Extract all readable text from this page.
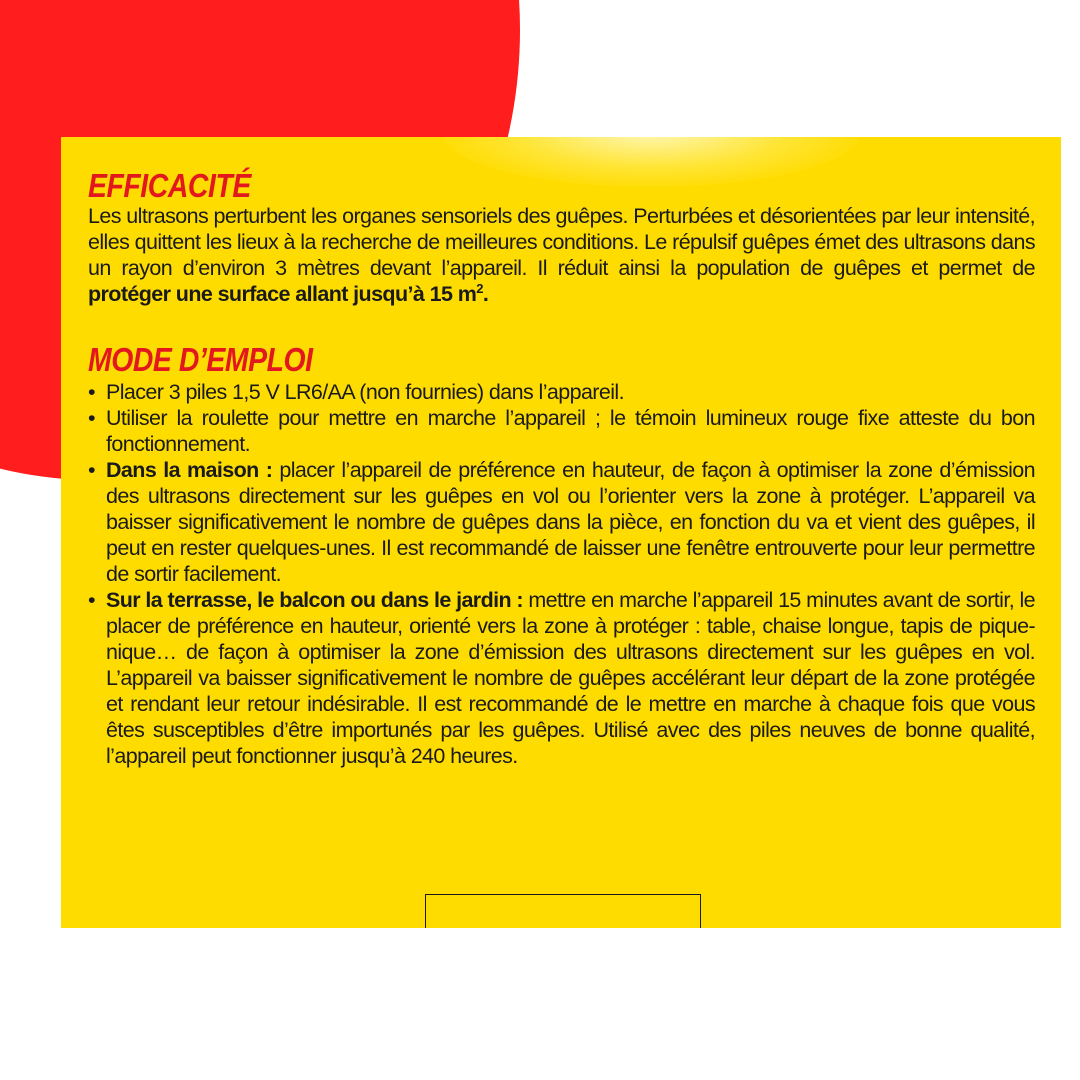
EFFICACITÉ

Les ultrasons perturbent les organes sensoriels des guêpes. Perturbées et désorientées par leur intensité, elles quittent les lieux à la recherche de meilleures conditions. Le répulsif guêpes émet des ultrasons dans un rayon d’environ 3 mètres devant l’appareil. Il réduit ainsi la population de guêpes et permet de protéger une surface allant jusqu’à 15 $m^2$.

MODE D’EMPLOI
• Placer 3 piles 1,5 V LR6/AA (non fournies) dans l’appareil.
• Utiliser la roulette pour mettre en marche l’appareil ; le témoin lumineux rouge fixe atteste du bon fonctionnement.
• Dans la maison : placer l’appareil de préférence en hauteur, de façon à optimiser la zone d’émission des ultrasons directement sur les guêpes en vol ou l’orienter vers la zone à protéger. L’appareil va baisser significativement le nombre de guêpes dans la pièce, en fonction du va et vient des guêpes, il peut en rester quelques-unes. Il est recommandé de laisser une fenêtre entrouverte pour leur permettre de sortir facilement.
• Sur la terrasse, le balcon ou dans le jardin : mettre en marche l’appareil 15 minutes avant de sortir, le placer de préférence en hauteur, orienté vers la zone à protéger : table, chaise longue, tapis de pique-nique… de façon à optimiser la zone d’émission des ultrasons directement sur les guêpes en vol. L’appareil va baisser significativement le nombre de guêpes accélérant leur départ de la zone protégée et rendant leur retour indésirable. Il est recommandé de le mettre en marche à chaque fois que vous êtes susceptibles d’être importunés par les guêpes. Utilisé avec des piles neuves de bonne qualité, l’appareil peut fonctionner jusqu’à 240 heures.
